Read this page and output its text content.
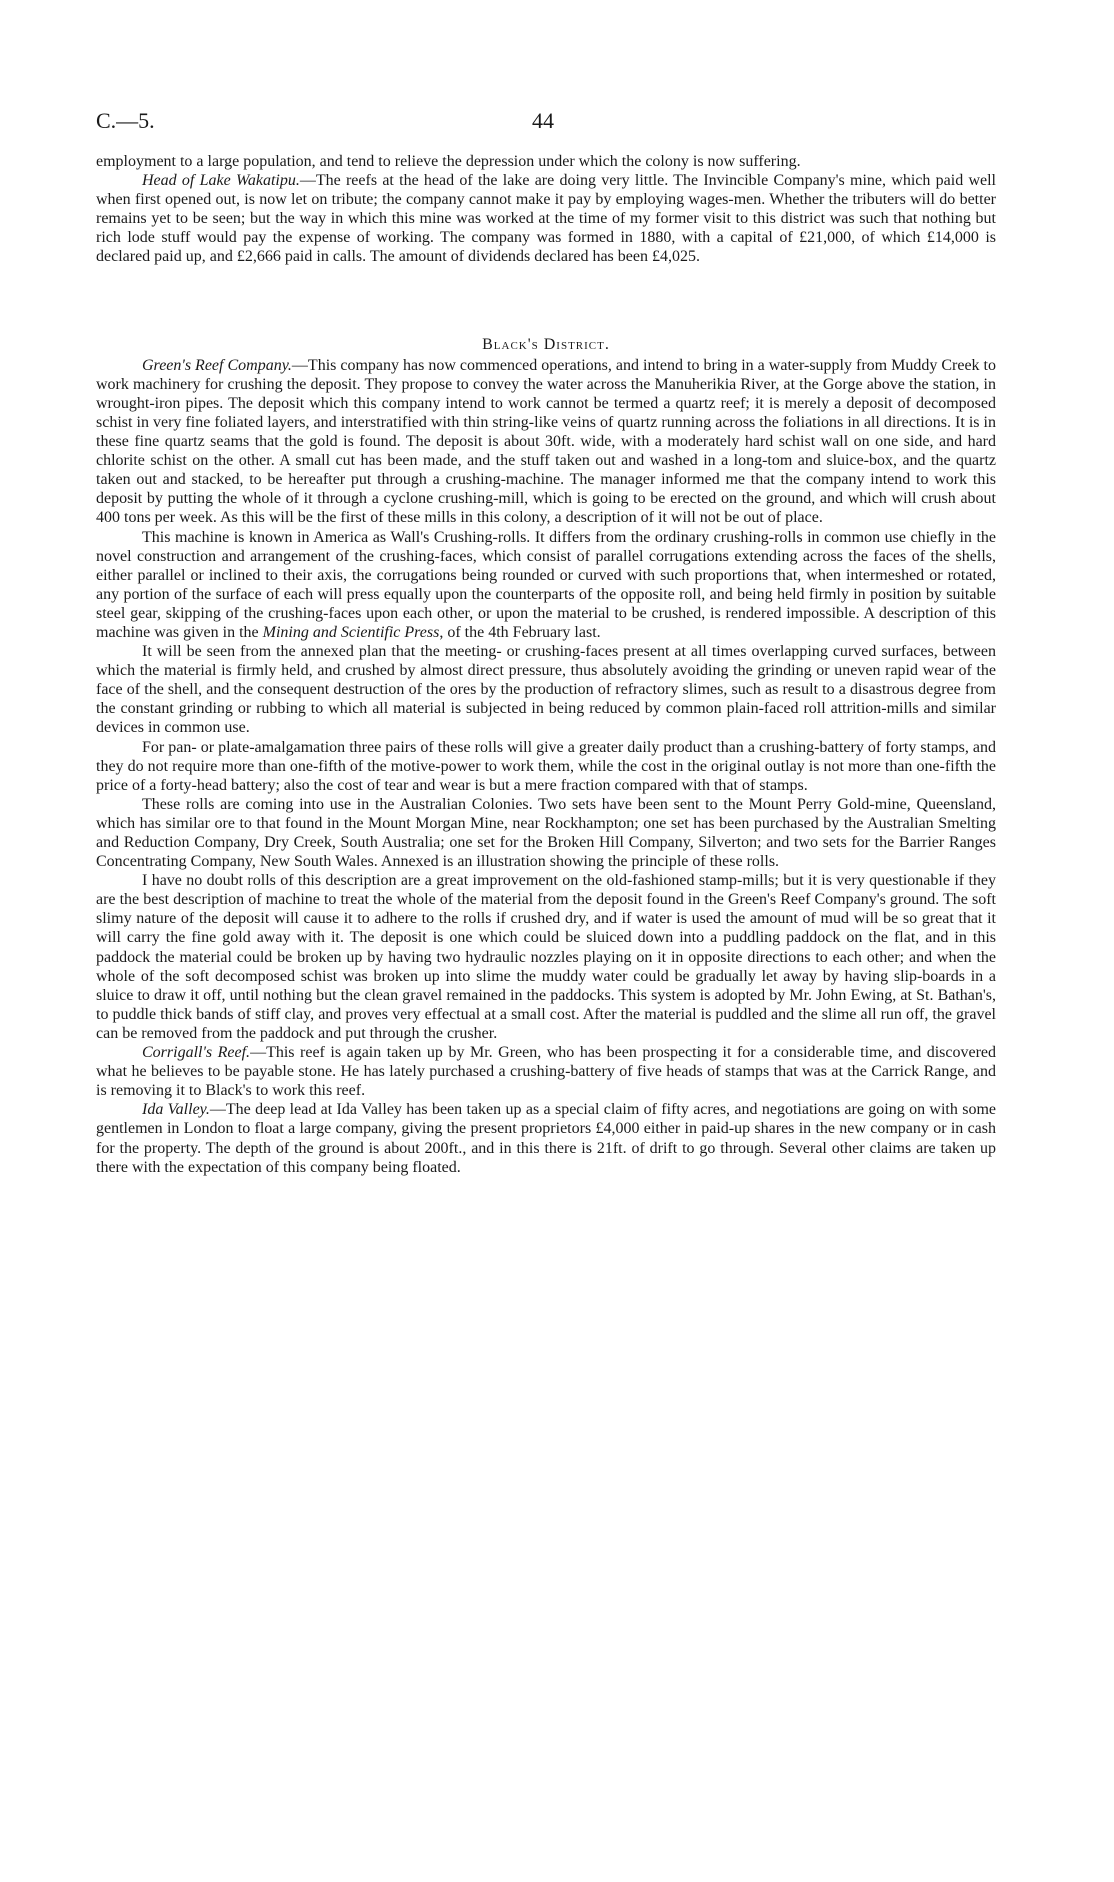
C.—5.	44

employment to a large population, and tend to relieve the depression under which the colony is now suffering.

Head of Lake Wakatipu.—The reefs at the head of the lake are doing very little. The Invincible Company's mine, which paid well when first opened out, is now let on tribute; the company cannot make it pay by employing wages-men. Whether the tributers will do better remains yet to be seen; but the way in which this mine was worked at the time of my former visit to this district was such that nothing but rich lode stuff would pay the expense of working. The company was formed in 1880, with a capital of £21,000, of which £14,000 is declared paid up, and £2,666 paid in calls. The amount of dividends declared has been £4,025.

Black's District.

Green's Reef Company.—This company has now commenced operations, and intend to bring in a water-supply from Muddy Creek to work machinery for crushing the deposit. They propose to convey the water across the Manuherikia River, at the Gorge above the station, in wrought-iron pipes. The deposit which this company intend to work cannot be termed a quartz reef; it is merely a deposit of decomposed schist in very fine foliated layers, and interstratified with thin string-like veins of quartz running across the foliations in all directions. It is in these fine quartz seams that the gold is found. The deposit is about 30ft. wide, with a moderately hard schist wall on one side, and hard chlorite schist on the other. A small cut has been made, and the stuff taken out and washed in a long-tom and sluice-box, and the quartz taken out and stacked, to be hereafter put through a crushing-machine. The manager informed me that the company intend to work this deposit by putting the whole of it through a cyclone crushing-mill, which is going to be erected on the ground, and which will crush about 400 tons per week. As this will be the first of these mills in this colony, a description of it will not be out of place.

This machine is known in America as Wall's Crushing-rolls. It differs from the ordinary crushing-rolls in common use chiefly in the novel construction and arrangement of the crushing-faces, which consist of parallel corrugations extending across the faces of the shells, either parallel or inclined to their axis, the corrugations being rounded or curved with such proportions that, when intermeshed or rotated, any portion of the surface of each will press equally upon the counterparts of the opposite roll, and being held firmly in position by suitable steel gear, skipping of the crushing-faces upon each other, or upon the material to be crushed, is rendered impossible. A description of this machine was given in the Mining and Scientific Press, of the 4th February last.

It will be seen from the annexed plan that the meeting- or crushing-faces present at all times overlapping curved surfaces, between which the material is firmly held, and crushed by almost direct pressure, thus absolutely avoiding the grinding or uneven rapid wear of the face of the shell, and the consequent destruction of the ores by the production of refractory slimes, such as result to a disastrous degree from the constant grinding or rubbing to which all material is subjected in being reduced by common plain-faced roll attrition-mills and similar devices in common use.

For pan- or plate-amalgamation three pairs of these rolls will give a greater daily product than a crushing-battery of forty stamps, and they do not require more than one-fifth of the motive-power to work them, while the cost in the original outlay is not more than one-fifth the price of a forty-head battery; also the cost of tear and wear is but a mere fraction compared with that of stamps.

These rolls are coming into use in the Australian Colonies. Two sets have been sent to the Mount Perry Gold-mine, Queensland, which has similar ore to that found in the Mount Morgan Mine, near Rockhampton; one set has been purchased by the Australian Smelting and Reduction Company, Dry Creek, South Australia; one set for the Broken Hill Company, Silverton; and two sets for the Barrier Ranges Concentrating Company, New South Wales. Annexed is an illustration showing the principle of these rolls.

I have no doubt rolls of this description are a great improvement on the old-fashioned stamp-mills; but it is very questionable if they are the best description of machine to treat the whole of the material from the deposit found in the Green's Reef Company's ground. The soft slimy nature of the deposit will cause it to adhere to the rolls if crushed dry, and if water is used the amount of mud will be so great that it will carry the fine gold away with it. The deposit is one which could be sluiced down into a puddling paddock on the flat, and in this paddock the material could be broken up by having two hydraulic nozzles playing on it in opposite directions to each other; and when the whole of the soft decomposed schist was broken up into slime the muddy water could be gradually let away by having slip-boards in a sluice to draw it off, until nothing but the clean gravel remained in the paddocks. This system is adopted by Mr. John Ewing, at St. Bathan's, to puddle thick bands of stiff clay, and proves very effectual at a small cost. After the material is puddled and the slime all run off, the gravel can be removed from the paddock and put through the crusher.

Corrigall's Reef.—This reef is again taken up by Mr. Green, who has been prospecting it for a considerable time, and discovered what he believes to be payable stone. He has lately purchased a crushing-battery of five heads of stamps that was at the Carrick Range, and is removing it to Black's to work this reef.

Ida Valley.—The deep lead at Ida Valley has been taken up as a special claim of fifty acres, and negotiations are going on with some gentlemen in London to float a large company, giving the present proprietors £4,000 either in paid-up shares in the new company or in cash for the property. The depth of the ground is about 200ft., and in this there is 21ft. of drift to go through. Several other claims are taken up there with the expectation of this company being floated.
